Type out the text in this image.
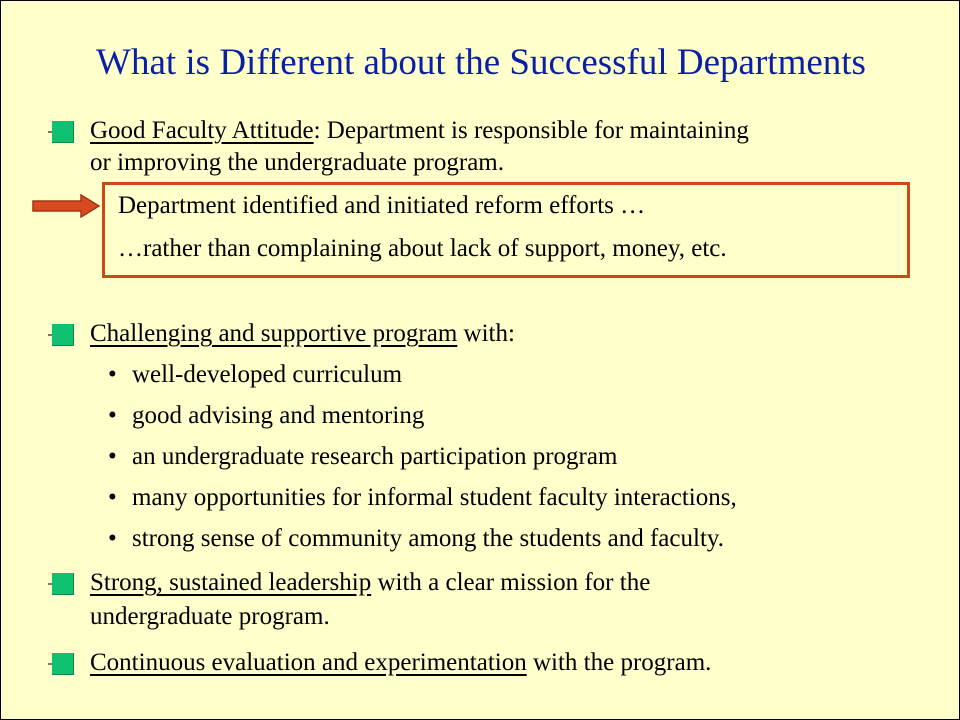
What is Different about the Successful Departments
Good Faculty Attitude: Department is responsible for maintaining
or improving the undergraduate program.
Department identified and initiated reform efforts …
…rather than complaining about lack of support, money, etc.
Challenging and supportive program with:
• well-developed curriculum
• good advising and mentoring
• an undergraduate research participation program
• many opportunities for informal student faculty interactions,
• strong sense of community among the students and faculty.
Strong, sustained leadership with a clear mission for the
undergraduate program.
Continuous evaluation and experimentation with the program.
